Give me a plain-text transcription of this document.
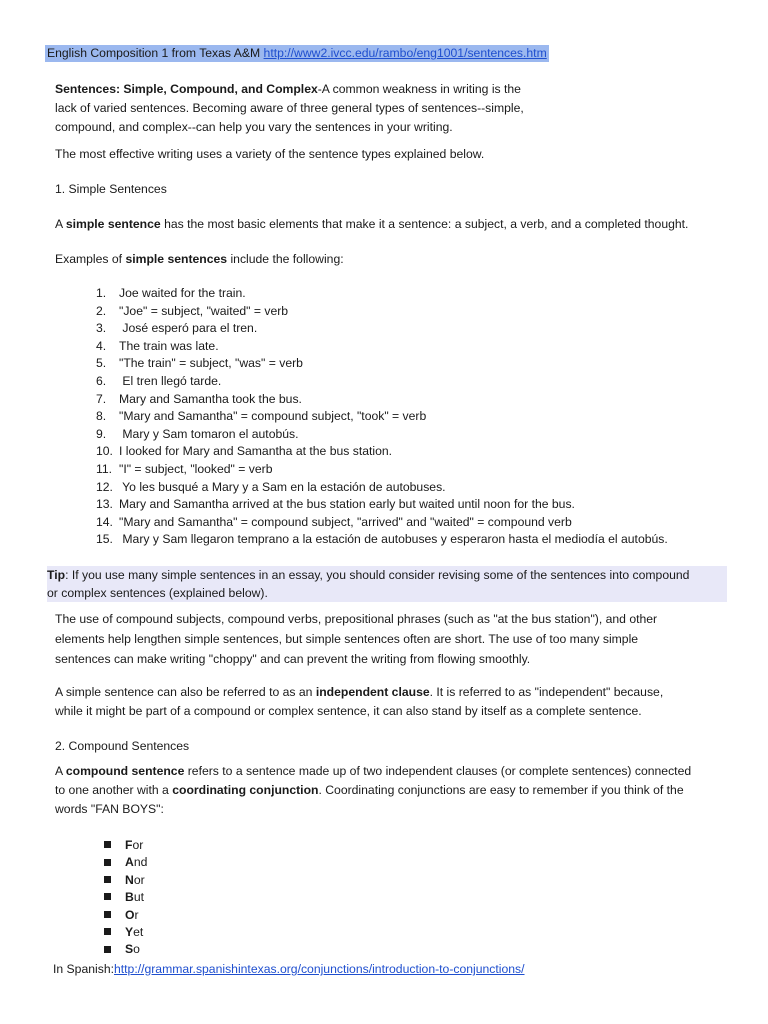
English Composition 1 from Texas A&M http://www2.ivcc.edu/rambo/eng1001/sentences.htm
Sentences: Simple, Compound, and Complex-A common weakness in writing is the
lack of varied sentences. Becoming aware of three general types of sentences--simple,
compound, and complex--can help you vary the sentences in your writing.
The most effective writing uses a variety of the sentence types explained below.
1. Simple Sentences
A simple sentence has the most basic elements that make it a sentence: a subject, a verb, and a completed thought.
Examples of simple sentences include the following:
1. Joe waited for the train.
2. "Joe" = subject, "waited" = verb
3. José esperó para el tren.
4. The train was late.
5. "The train" = subject, "was" = verb
6. El tren llegó tarde.
7. Mary and Samantha took the bus.
8. "Mary and Samantha" = compound subject, "took" = verb
9. Mary y Sam tomaron el autobús.
10. I looked for Mary and Samantha at the bus station.
11. "I" = subject, "looked" = verb
12. Yo les busqué a Mary y a Sam en la estación de autobuses.
13. Mary and Samantha arrived at the bus station early but waited until noon for the bus.
14. "Mary and Samantha" = compound subject, "arrived" and "waited" = compound verb
15. Mary y Sam llegaron temprano a la estación de autobuses y esperaron hasta el mediodía el autobús.
Tip: If you use many simple sentences in an essay, you should consider revising some of the sentences into compound
or complex sentences (explained below).
The use of compound subjects, compound verbs, prepositional phrases (such as "at the bus station"), and other
elements help lengthen simple sentences, but simple sentences often are short. The use of too many simple
sentences can make writing "choppy" and can prevent the writing from flowing smoothly.
A simple sentence can also be referred to as an independent clause. It is referred to as "independent" because,
while it might be part of a compound or complex sentence, it can also stand by itself as a complete sentence.
2. Compound Sentences
A compound sentence refers to a sentence made up of two independent clauses (or complete sentences) connected
to one another with a coordinating conjunction. Coordinating conjunctions are easy to remember if you think of the
words "FAN BOYS":
For
And
Nor
But
Or
Yet
So
In Spanish:http://grammar.spanishintexas.org/conjunctions/introduction-to-conjunctions/
